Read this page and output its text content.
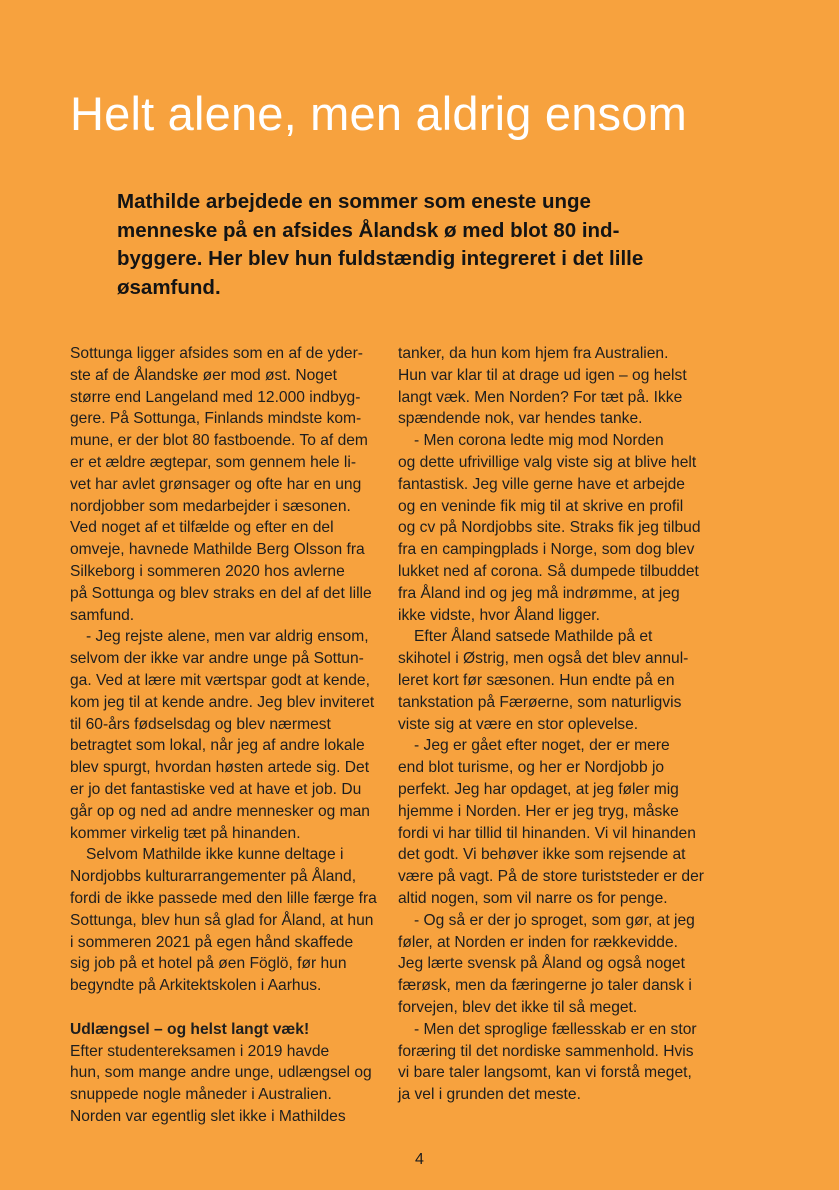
Helt alene, men aldrig ensom

Mathilde arbejdede en sommer som eneste unge
menneske på en afsides Ålandsk ø med blot 80 ind-
byggere. Her blev hun fuldstændig integreret i det lille
øsamfund.

Sottunga ligger afsides som en af de yder-
ste af de Ålandske øer mod øst. Noget
større end Langeland med 12.000 indbyg-
gere. På Sottunga, Finlands mindste kom-
mune, er der blot 80 fastboende. To af dem
er et ældre ægtepar, som gennem hele li-
vet har avlet grønsager og ofte har en ung
nordjobber som medarbejder i sæsonen.
Ved noget af et tilfælde og efter en del
omveje, havnede Mathilde Berg Olsson fra
Silkeborg i sommeren 2020 hos avlerne
på Sottunga og blev straks en del af det lille
samfund.
- Jeg rejste alene, men var aldrig ensom,
selvom der ikke var andre unge på Sottun-
ga. Ved at lære mit værtspar godt at kende,
kom jeg til at kende andre. Jeg blev inviteret
til 60-års fødselsdag og blev nærmest
betragtet som lokal, når jeg af andre lokale
blev spurgt, hvordan høsten artede sig. Det
er jo det fantastiske ved at have et job. Du
går op og ned ad andre mennesker og man
kommer virkelig tæt på hinanden.
Selvom Mathilde ikke kunne deltage i
Nordjobbs kulturarrangementer på Åland,
fordi de ikke passede med den lille færge fra
Sottunga, blev hun så glad for Åland, at hun
i sommeren 2021 på egen hånd skaffede
sig job på et hotel på øen Föglö, før hun
begyndte på Arkitektskolen i Aarhus.
Udlængsel – og helst langt væk!
Efter studentereksamen i 2019 havde
hun, som mange andre unge, udlængsel og
snuppede nogle måneder i Australien.
Norden var egentlig slet ikke i Mathildes
tanker, da hun kom hjem fra Australien.
Hun var klar til at drage ud igen – og helst
langt væk. Men Norden? For tæt på. Ikke
spændende nok, var hendes tanke.
- Men corona ledte mig mod Norden
og dette ufrivillige valg viste sig at blive helt
fantastisk. Jeg ville gerne have et arbejde
og en veninde fik mig til at skrive en profil
og cv på Nordjobbs site. Straks fik jeg tilbud
fra en campingplads i Norge, som dog blev
lukket ned af corona. Så dumpede tilbuddet
fra Åland ind og jeg må indrømme, at jeg
ikke vidste, hvor Åland ligger.
Efter Åland satsede Mathilde på et
skihotel i Østrig, men også det blev annul-
leret kort før sæsonen. Hun endte på en
tankstation på Færøerne, som naturligvis
viste sig at være en stor oplevelse.
- Jeg er gået efter noget, der er mere
end blot turisme, og her er Nordjobb jo
perfekt. Jeg har opdaget, at jeg føler mig
hjemme i Norden. Her er jeg tryg, måske
fordi vi har tillid til hinanden. Vi vil hinanden
det godt. Vi behøver ikke som rejsende at
være på vagt. På de store turiststeder er der
altid nogen, som vil narre os for penge.
- Og så er der jo sproget, som gør, at jeg
føler, at Norden er inden for rækkevidde.
Jeg lærte svensk på Åland og også noget
færøsk, men da færingerne jo taler dansk i
forvejen, blev det ikke til så meget.
- Men det sproglige fællesskab er en stor
foræring til det nordiske sammenhold. Hvis
vi bare taler langsomt, kan vi forstå meget,
ja vel i grunden det meste.
4
